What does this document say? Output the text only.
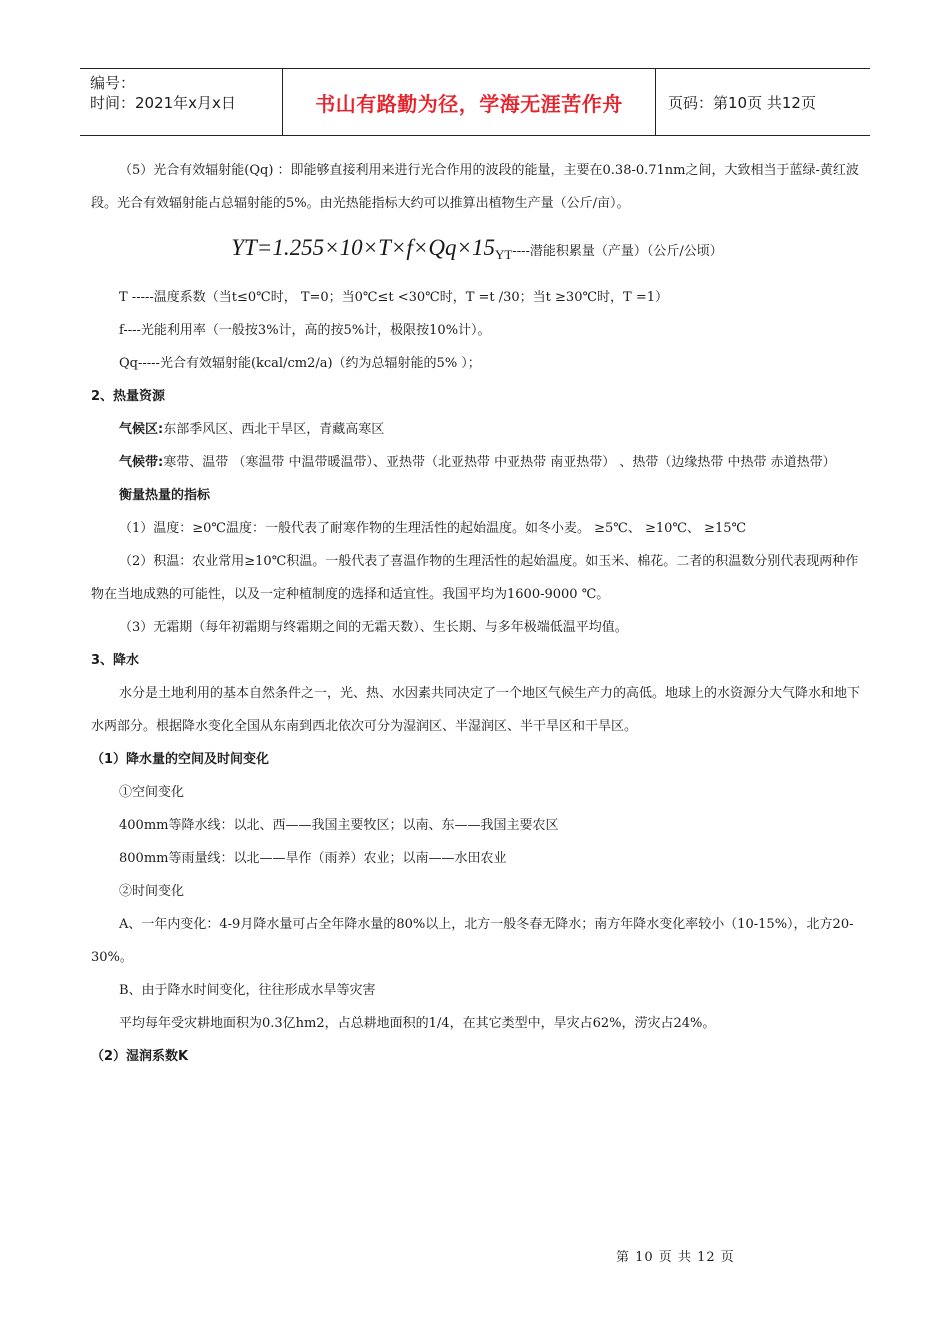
编号：
时间：2021年x月x日	书山有路勤为径，学海无涯苦作舟	页码：第10页 共12页

（5）光合有效辐射能(Qq) ：即能够直接利用来进行光合作用的波段的能量，主要在0.38-0.71nm之间，大致相当于蓝绿-黄红波段。光合有效辐射能占总辐射能的5%。由光热能指标大约可以推算出植物生产量（公斤/亩）。

YT=1.255×10×T×f×Qq×15YT----潜能积累量（产量）（公斤/公顷）

T -----温度系数（当t≤0℃时， T=0；当0℃≤t <30℃时，T =t /30；当t ≥30℃时，T =1）

f----光能利用率（一般按3%计，高的按5%计，极限按10%计）。

Qq-----光合有效辐射能(kcal/cm2/a)（约为总辐射能的5% ）；

2、热量资源

气候区:东部季风区、西北干旱区，青藏高寒区

气候带:寒带、温带 （寒温带 中温带暖温带）、亚热带（北亚热带 中亚热带 南亚热带） 、热带（边缘热带 中热带 赤道热带）

衡量热量的指标

（1）温度：≥0℃温度：一般代表了耐寒作物的生理活性的起始温度。如冬小麦。 ≥5℃、 ≥10℃、 ≥15℃

（2）积温：农业常用≥10℃积温。一般代表了喜温作物的生理活性的起始温度。如玉米、棉花。二者的积温数分别代表现两种作物在当地成熟的可能性，以及一定种植制度的选择和适宜性。我国平均为1600-9000 ℃。

（3）无霜期（每年初霜期与终霜期之间的无霜天数）、生长期、与多年极端低温平均值。

3、降水

水分是土地利用的基本自然条件之一，光、热、水因素共同决定了一个地区气候生产力的高低。地球上的水资源分大气降水和地下水两部分。根据降水变化全国从东南到西北依次可分为湿润区、半湿润区、半干旱区和干旱区。

（1）降水量的空间及时间变化

①空间变化

400mm等降水线：以北、西——我国主要牧区；以南、东——我国主要农区

800mm等雨量线：以北——旱作（雨养）农业；以南——水田农业

②时间变化

A、一年内变化：4-9月降水量可占全年降水量的80%以上，北方一般冬春无降水；南方年降水变化率较小（10-15%），北方20-30%。

B、由于降水时间变化，往往形成水旱等灾害

平均每年受灾耕地面积为0.3亿hm2，占总耕地面积的1/4，在其它类型中，旱灾占62%，涝灾占24%。

（2）湿润系数K

第 10 页 共 12 页
